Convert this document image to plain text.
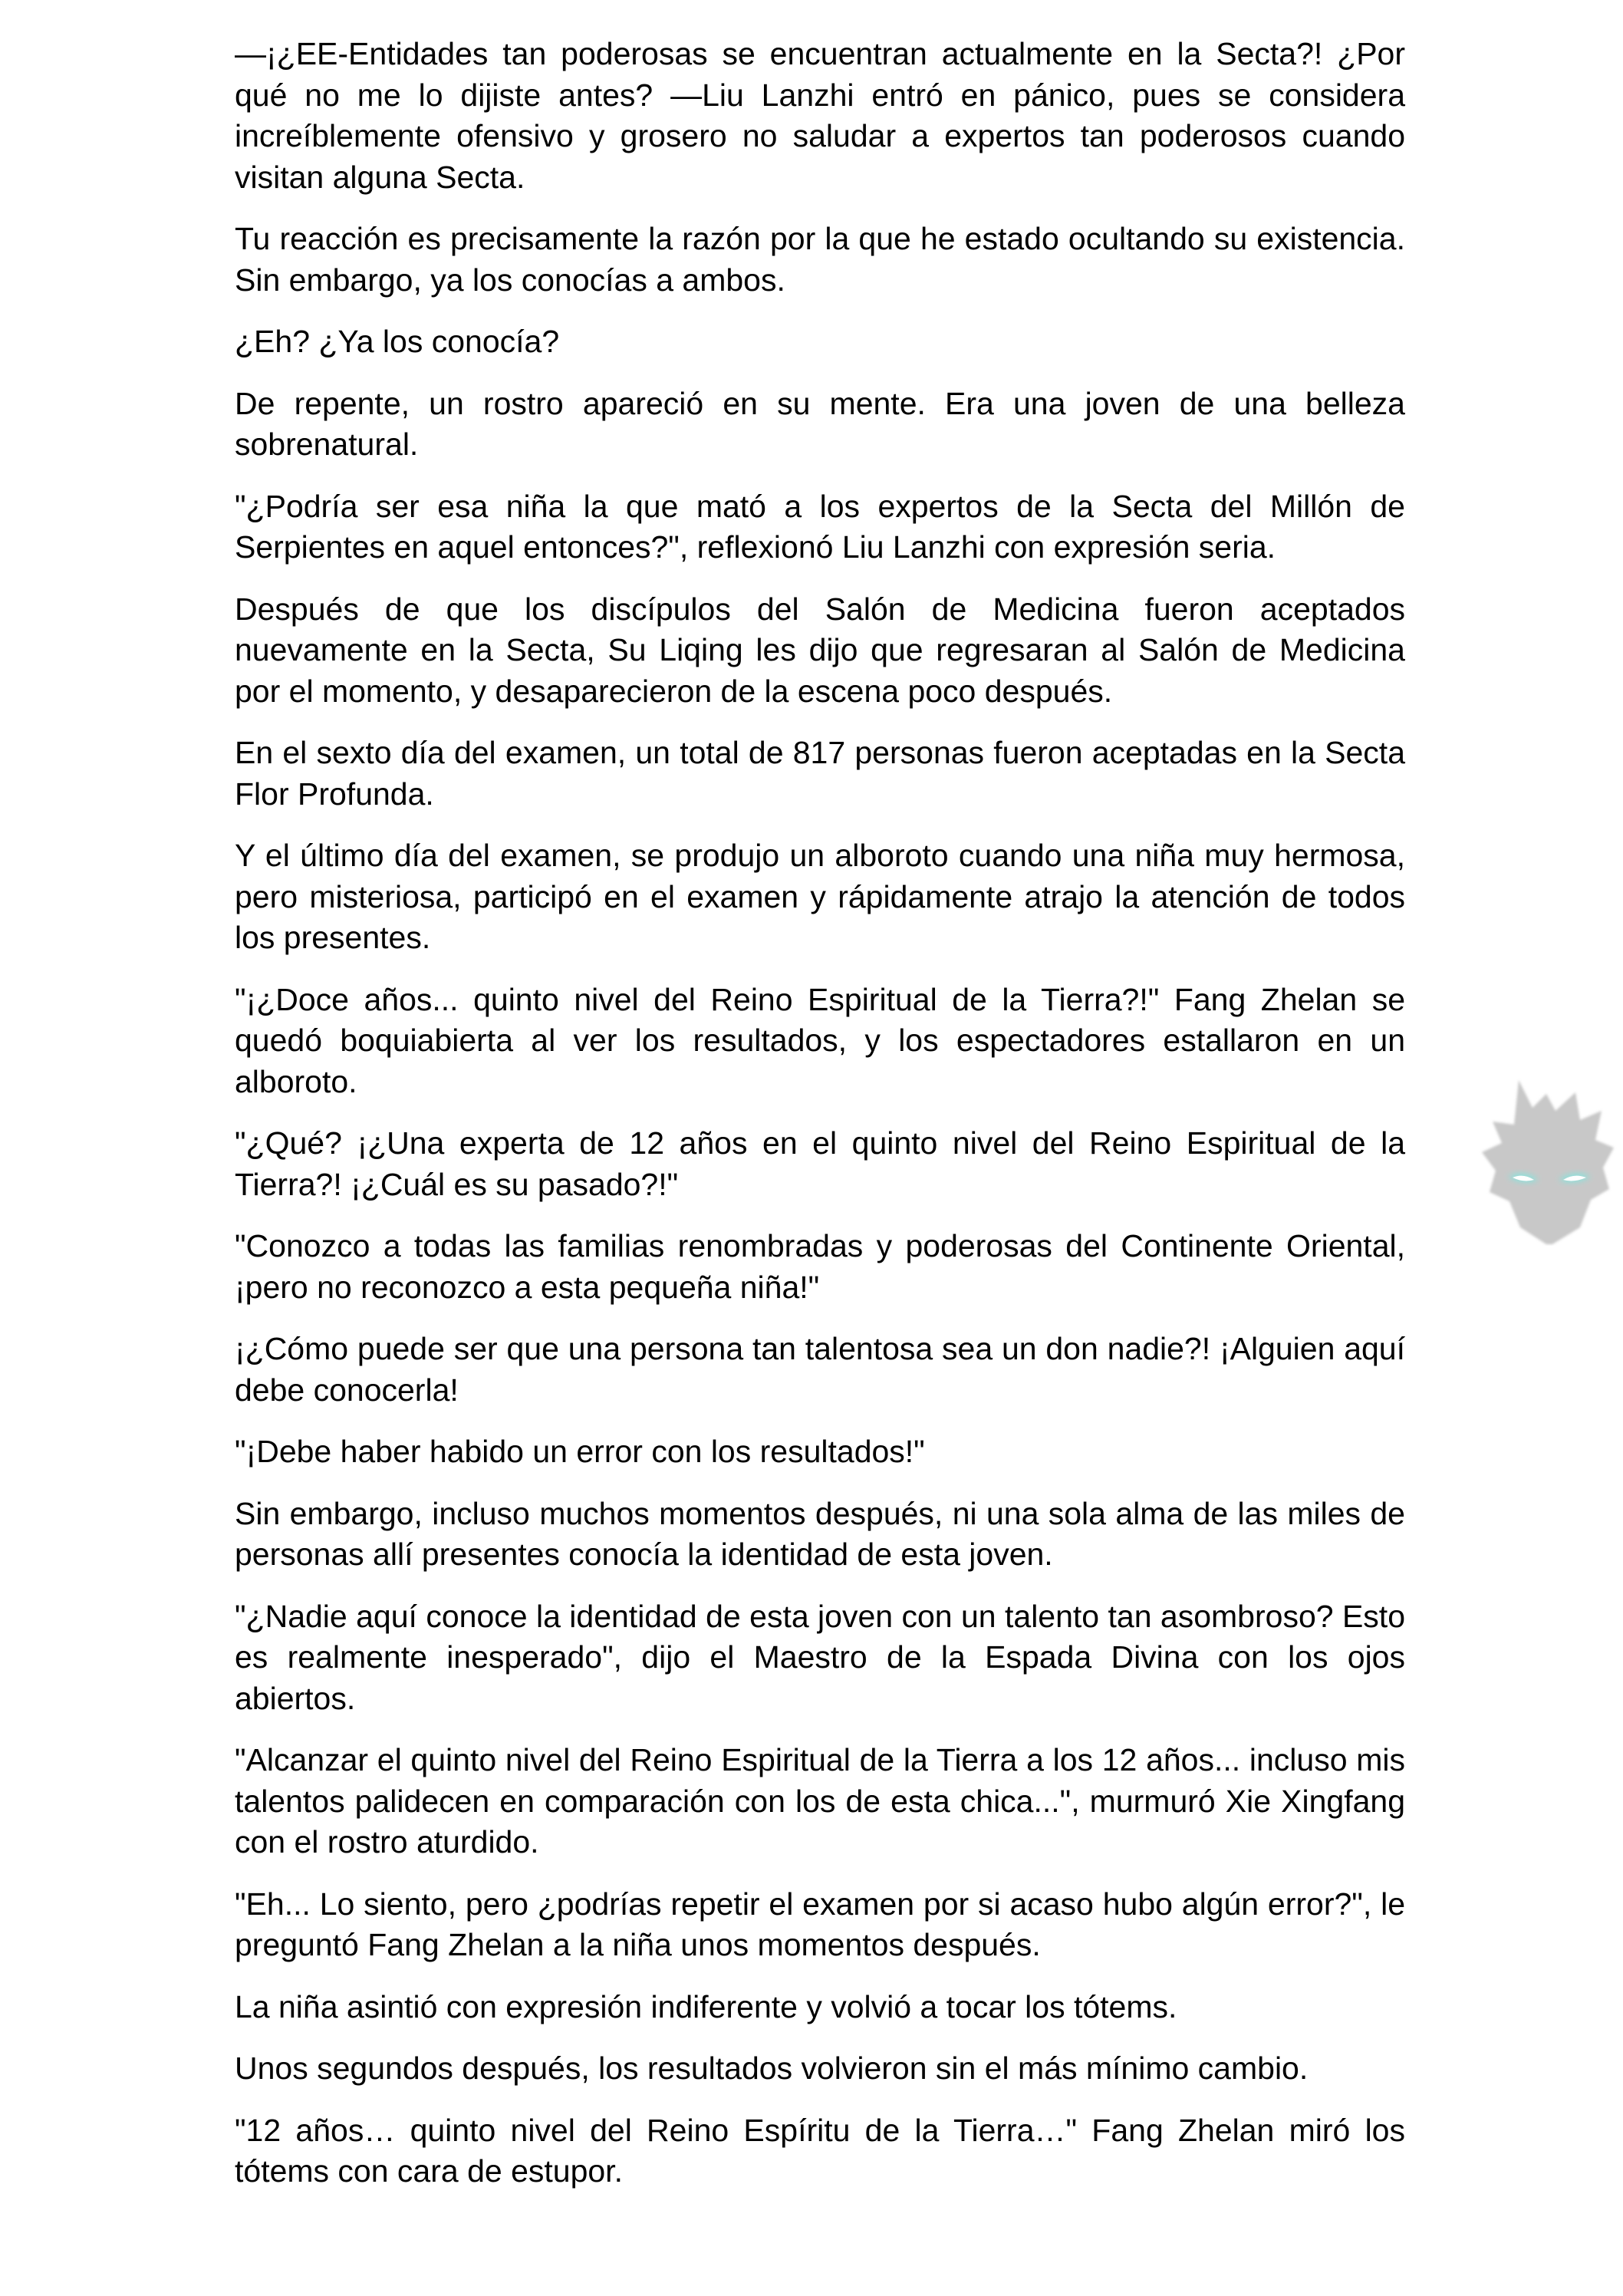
—¡¿EE-Entidades tan poderosas se encuentran actualmente en la Secta?! ¿Por qué no me lo dijiste antes? —Liu Lanzhi entró en pánico, pues se considera increíblemente ofensivo y grosero no saludar a expertos tan poderosos cuando visitan alguna Secta.

Tu reacción es precisamente la razón por la que he estado ocultando su existencia. Sin embargo, ya los conocías a ambos.

¿Eh? ¿Ya los conocía?

De repente, un rostro apareció en su mente. Era una joven de una belleza sobrenatural.

"¿Podría ser esa niña la que mató a los expertos de la Secta del Millón de Serpientes en aquel entonces?", reflexionó Liu Lanzhi con expresión seria.

Después de que los discípulos del Salón de Medicina fueron aceptados nuevamente en la Secta, Su Liqing les dijo que regresaran al Salón de Medicina por el momento, y desaparecieron de la escena poco después.

En el sexto día del examen, un total de 817 personas fueron aceptadas en la Secta Flor Profunda.

Y el último día del examen, se produjo un alboroto cuando una niña muy hermosa, pero misteriosa, participó en el examen y rápidamente atrajo la atención de todos los presentes.

"¡¿Doce años... quinto nivel del Reino Espiritual de la Tierra?!" Fang Zhelan se quedó boquiabierta al ver los resultados, y los espectadores estallaron en un alboroto.

"¿Qué? ¡¿Una experta de 12 años en el quinto nivel del Reino Espiritual de la Tierra?! ¡¿Cuál es su pasado?!"

"Conozco a todas las familias renombradas y poderosas del Continente Oriental, ¡pero no reconozco a esta pequeña niña!"

¡¿Cómo puede ser que una persona tan talentosa sea un don nadie?! ¡Alguien aquí debe conocerla!

"¡Debe haber habido un error con los resultados!"

Sin embargo, incluso muchos momentos después, ni una sola alma de las miles de personas allí presentes conocía la identidad de esta joven.

"¿Nadie aquí conoce la identidad de esta joven con un talento tan asombroso? Esto es realmente inesperado", dijo el Maestro de la Espada Divina con los ojos abiertos.

"Alcanzar el quinto nivel del Reino Espiritual de la Tierra a los 12 años... incluso mis talentos palidecen en comparación con los de esta chica...", murmuró Xie Xingfang con el rostro aturdido.

"Eh... Lo siento, pero ¿podrías repetir el examen por si acaso hubo algún error?", le preguntó Fang Zhelan a la niña unos momentos después.

La niña asintió con expresión indiferente y volvió a tocar los tótems.

Unos segundos después, los resultados volvieron sin el más mínimo cambio.

"12 años… quinto nivel del Reino Espíritu de la Tierra…" Fang Zhelan miró los tótems con cara de estupor.
